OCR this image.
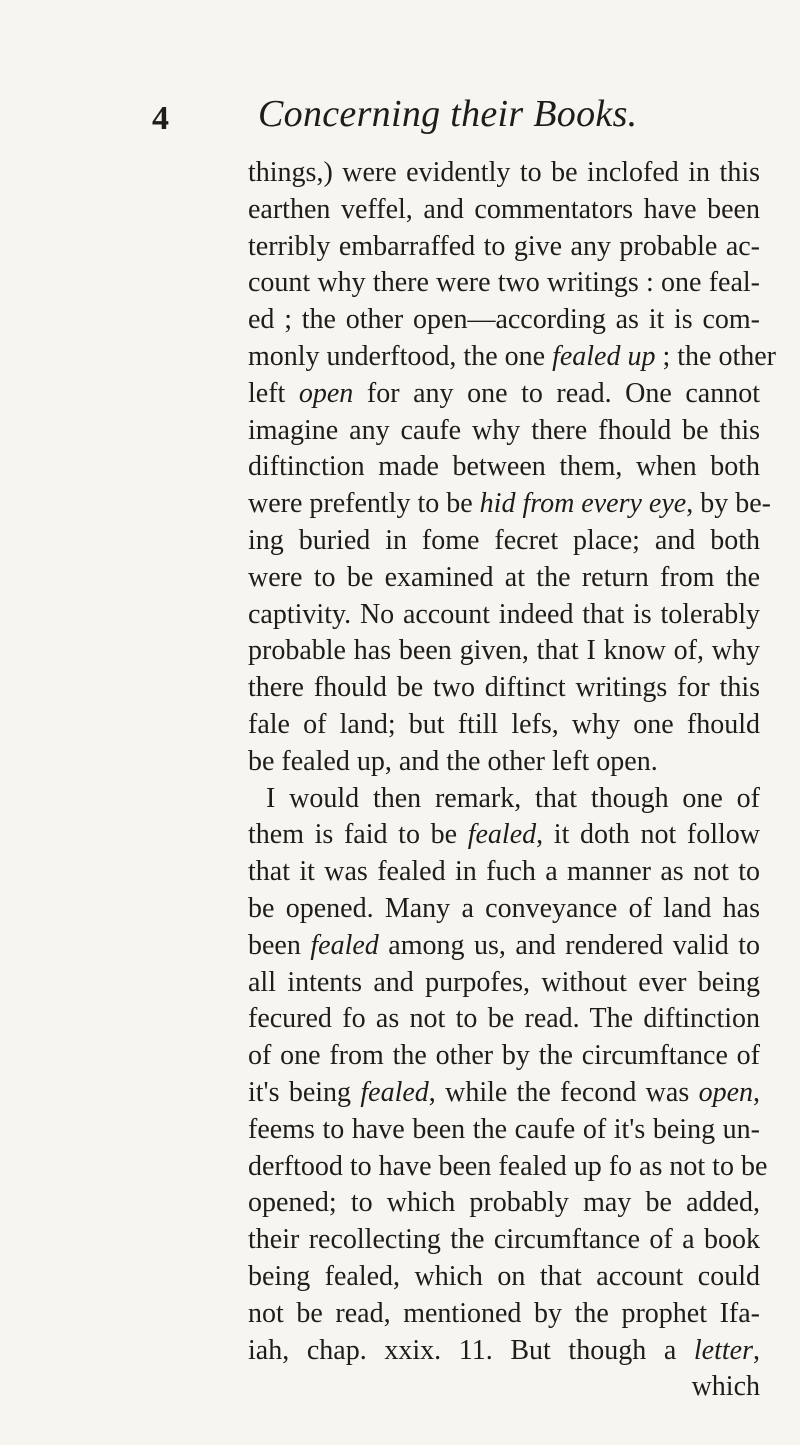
4 Concerning their Books.
things,) were evidently to be inclofed in this
earthen veffel, and commentators have been
terribly embarraffed to give any probable ac-
count why there were two writings : one feal-
ed ; the other open—according as it is com-
monly underftood, the one fealed up ; the other
left open for any one to read. One cannot
imagine any caufe why there fhould be this
diftinction made between them, when both
were prefently to be hid from every eye, by be-
ing buried in fome fecret place; and both
were to be examined at the return from the
captivity. No account indeed that is tolerably
probable has been given, that I know of, why
there fhould be two diftinct writings for this
fale of land; but ftill lefs, why one fhould
be fealed up, and the other left open.
I would then remark, that though one of
them is faid to be fealed, it doth not follow
that it was fealed in fuch a manner as not to
be opened. Many a conveyance of land has
been fealed among us, and rendered valid to
all intents and purpofes, without ever being
fecured fo as not to be read. The diftinction
of one from the other by the circumftance of
it's being fealed, while the fecond was open,
feems to have been the caufe of it's being un-
derftood to have been fealed up fo as not to be
opened; to which probably may be added,
their recollecting the circumftance of a book
being fealed, which on that account could
not be read, mentioned by the prophet Ifa-
iah, chap. xxix. 11. But though a letter,
which
